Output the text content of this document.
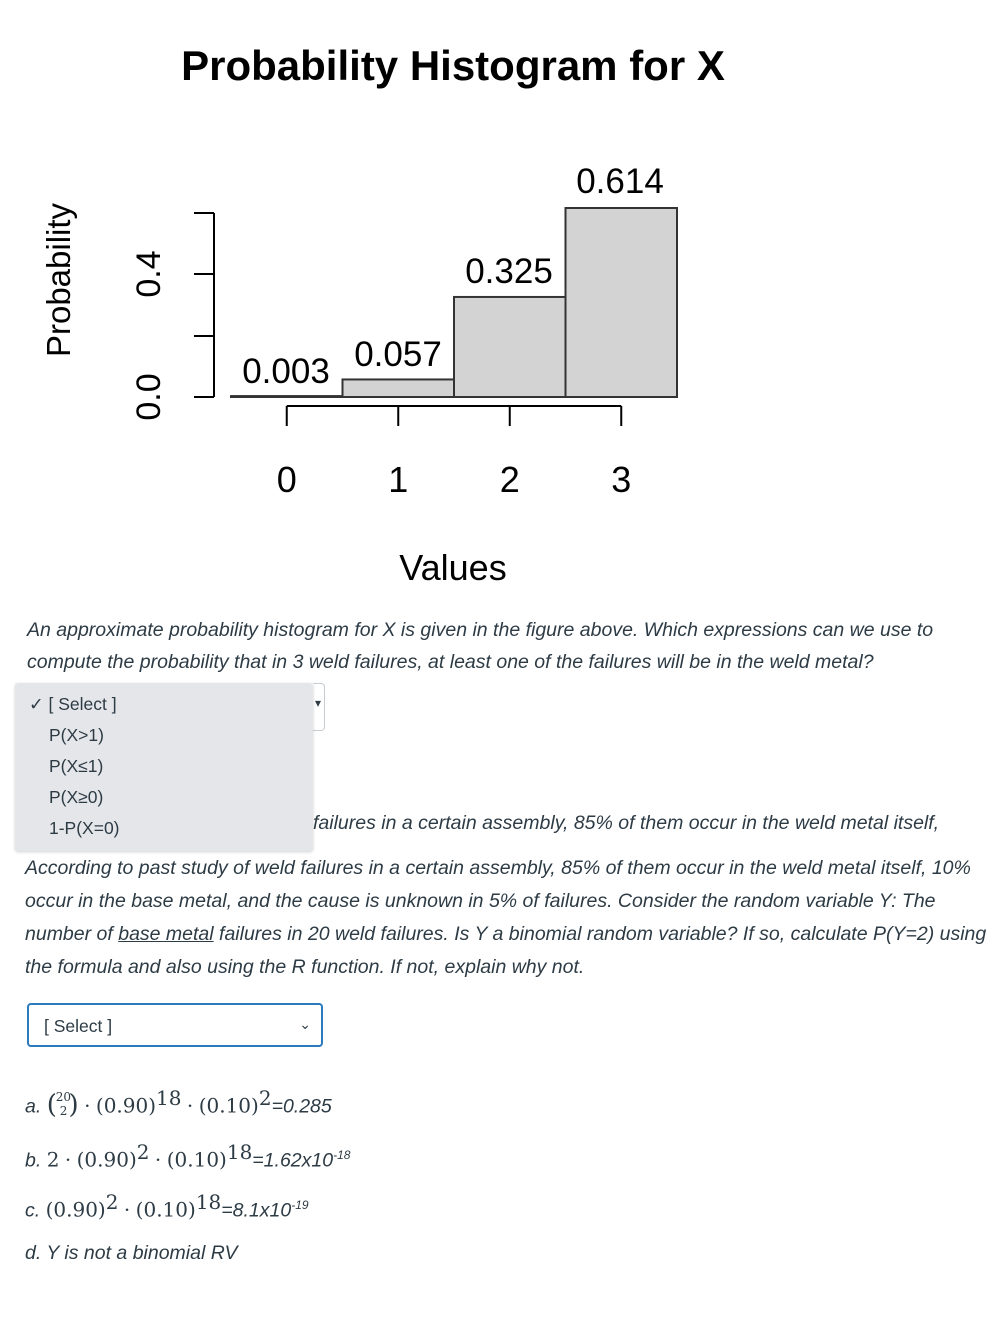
Probability Histogram for X
Probability
Values
0.0
0.4
0	1	2	3
0.003 0.057
0.325
0.614

An approximate probability histogram for X is given in the figure above. Which expressions can we use to compute the probability that in 3 weld failures, at least one of the failures will be in the weld metal?

▾
failures in a certain assembly, 85% of them occur in the weld metal itself,
✓ [ Select ]
P(X>1)
P(X≤1)
P(X≥0)
1-P(X=0)

According to past study of weld failures in a certain assembly, 85% of them occur in the weld metal itself, 10% occur in the base metal, and the cause is unknown in 5% of failures. Consider the random variable Y: The number of base metal failures in 20 weld failures. Is Y a binomial random variable? If so, calculate P(Y=2) using the formula and also using the R function. If not, explain why not.

[ Select ]	⌄
a. (
20
2 ) · $(0.90)^{18} \cdot (0.10)^2=0.285$
b. $2 \cdot (0.90)^2 \cdot (0.10)^{18}=1.62x10^{-18}$
c. $(0.90)^2 \cdot (0.10)^{18}=8.1x10^{-19}$
d. Y is not a binomial RV
